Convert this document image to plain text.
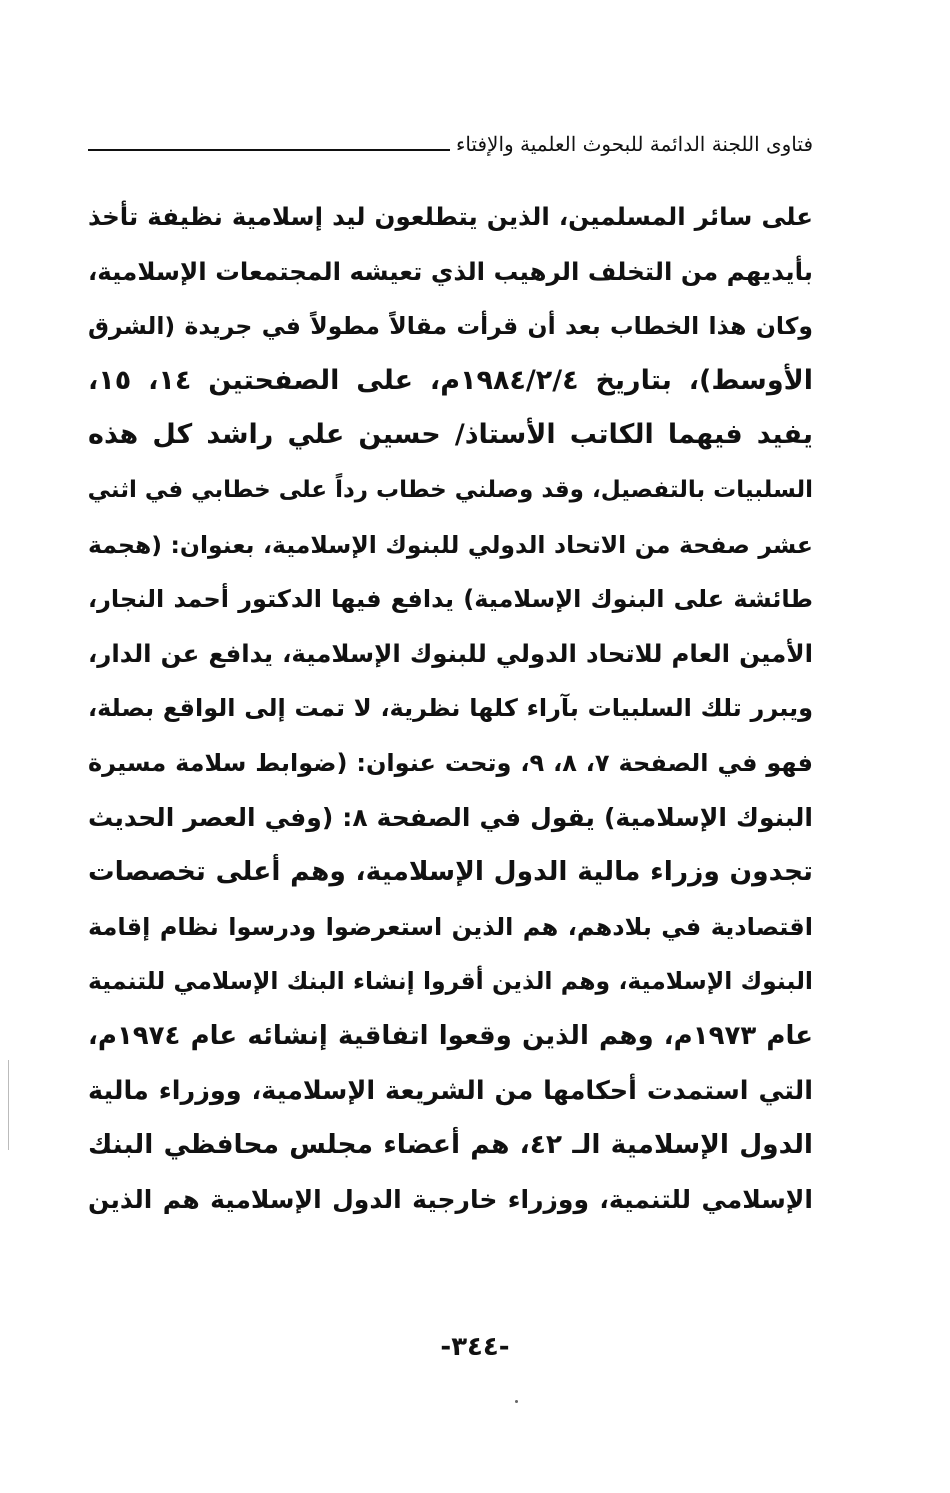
فتاوى اللجنة الدائمة للبحوث العلمية والإفتاء
على سائر المسلمين، الذين يتطلعون ليد إسلامية نظيفة تأخذ
بأيديهم من التخلف الرهيب الذي تعيشه المجتمعات الإسلامية،
وكان هذا الخطاب بعد أن قرأت مقالاً مطولاً في جريدة (الشرق
الأوسط)، بتاريخ ١٩٨٤/٢/٤م، على الصفحتين ١٤، ١٥،
يفيد فيهما الكاتب الأستاذ/ حسين علي راشد كل هذه
السلبيات بالتفصيل، وقد وصلني خطاب رداً على خطابي في اثني
عشر صفحة من الاتحاد الدولي للبنوك الإسلامية، بعنوان: (هجمة
طائشة على البنوك الإسلامية) يدافع فيها الدكتور أحمد النجار،
الأمين العام للاتحاد الدولي للبنوك الإسلامية، يدافع عن الدار،
ويبرر تلك السلبيات بآراء كلها نظرية، لا تمت إلى الواقع بصلة،
فهو في الصفحة ٧، ٨، ٩، وتحت عنوان: (ضوابط سلامة مسيرة
البنوك الإسلامية) يقول في الصفحة ٨: (وفي العصر الحديث
تجدون وزراء مالية الدول الإسلامية، وهم أعلى تخصصات
اقتصادية في بلادهم، هم الذين استعرضوا ودرسوا نظام إقامة
البنوك الإسلامية، وهم الذين أقروا إنشاء البنك الإسلامي للتنمية
عام ١٩٧٣م، وهم الذين وقعوا اتفاقية إنشائه عام ١٩٧٤م،
التي استمدت أحكامها من الشريعة الإسلامية، ووزراء مالية
الدول الإسلامية الـ ٤٢، هم أعضاء مجلس محافظي البنك
الإسلامي للتنمية، ووزراء خارجية الدول الإسلامية هم الذين
-٣٤٤-
